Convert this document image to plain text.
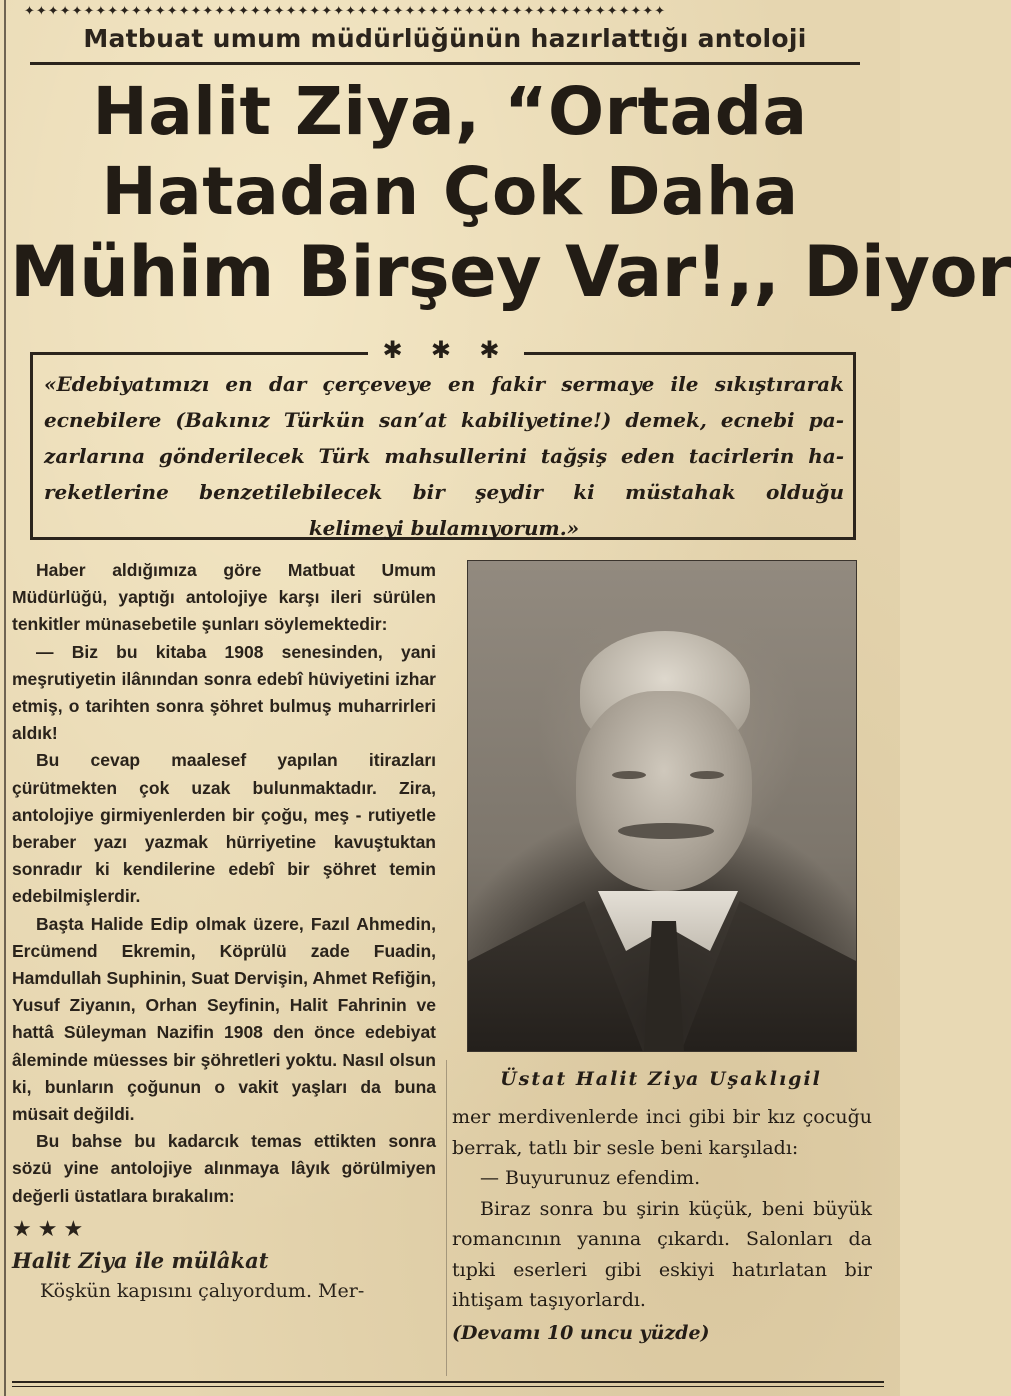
✦✦✦✦✦✦✦✦✦✦✦✦✦✦✦✦✦✦✦✦✦✦✦✦✦✦✦✦✦✦✦✦✦✦✦✦✦✦✦✦✦✦✦✦✦✦✦✦✦✦✦✦✦✦
Matbuat umum müdürlüğünün hazırlattığı antoloji
Halit Ziya, “Ortada
Hatadan Çok Daha
Mühim Birşey Var!,, Diyor
✱ ✱ ✱
«Edebiyatımızı en dar çerçeveye en fakir sermaye ile sıkıştırarak
ecnebilere (Bakınız Türkün san’at kabiliyetine!) demek, ecnebi pa-
zarlarına gönderilecek Türk mahsullerini tağşiş eden tacirlerin ha-
reketlerine benzetilebilecek bir şeydir ki müstahak olduğu
kelimeyi bulamıyorum.»

Haber aldığımıza göre Matbuat Umum Müdürlüğü, yaptığı antolojiye karşı ileri sürülen tenkitler münasebetile şunları söylemektedir:

— Biz bu kitaba 1908 senesinden, yani meşrutiyetin ilânından sonra edebî hüviyetini izhar etmiş, o tarihten sonra şöhret bulmuş muharrirleri aldık!

Bu cevap maalesef yapılan itirazları çürütmekten çok uzak bulunmaktadır. Zira, antolojiye girmiyenlerden bir çoğu, meş - rutiyetle beraber yazı yazmak hürriyetine kavuştuktan sonradır ki kendilerine edebî bir şöhret temin edebilmişlerdir.

Başta Halide Edip olmak üzere, Fazıl Ahmedin, Ercümend Ekremin, Köprülü zade Fuadin, Hamdullah Suphinin, Suat Dervişin, Ahmet Refiğin, Yusuf Ziyanın, Orhan Seyfinin, Halit Fahrinin ve hattâ Süleyman Nazifin 1908 den önce edebiyat âleminde müesses bir şöhretleri yoktu. Nasıl olsun ki, bunların çoğunun o vakit yaşları da buna müsait değildi.

Bu bahse bu kadarcık temas ettikten sonra sözü yine antolojiye alınmaya lâyık görülmiyen değerli üstatlara bırakalım:

★★★

Halit Ziya ile mülâkat

Köşkün kapısını çalıyordum. Mer-

Üstat Halit Ziya Uşaklıgil

mer merdivenlerde inci gibi bir kız çocuğu berrak, tatlı bir sesle beni karşıladı:

— Buyurunuz efendim.

Biraz sonra bu şirin küçük, beni büyük romancının yanına çıkardı. Salonları da tıpki eserleri gibi eskiyi hatırlatan bir ihtişam taşıyorlardı.

(Devamı 10 uncu yüzde)
